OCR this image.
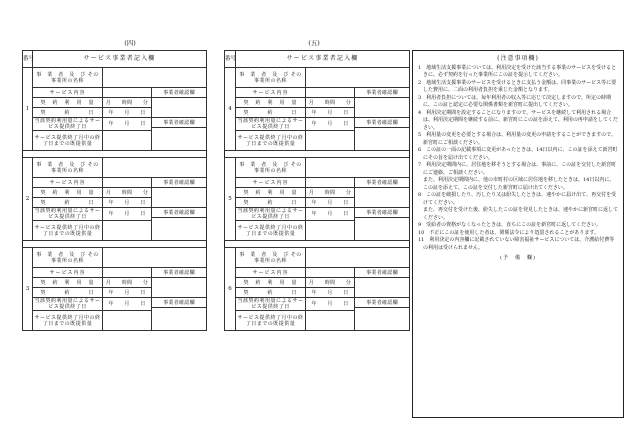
(四)	(五)
番号	サービス事業者記入欄		
1	事　業　者　及　び その事業所の名称		
	サービス内容		事業者確認欄
	契　約　利　用　量	月　　時間　　分	
	契　　　約　　　日	年　　月　　日	
	当該契約利用量によるサービス提供終了日	年　　月　　日	事業者確認欄

	サービス提供終了月中の終了日までの既提供量		

2	事　業　者　及　び その事業所の名称		
	サービス内容		事業者確認欄
	契　約　利　用　量	月　　時間　　分	
	契　　　約　　　日	年　　月　　日	
	当該契約利用量によるサービス提供終了日	年　　月　　日	事業者確認欄

	サービス提供終了月中の終了日までの既提供量		

3	事　業　者　及　び その事業所の名称		
	サービス内容		事業者確認欄
	契　約　利　用　量	月　　時間　　分	
	契　　　約　　　日	年　　月　　日	
	当該契約利用量によるサービス提供終了日	年　　月　　日	事業者確認欄

	サービス提供終了月中の終了日までの既提供量		
番号	サービス事業者記入欄		
4	事　業　者　及　び その事業所の名称		
	サービス内容		事業者確認欄
	契　約　利　用　量	月　　時間　　分	
	契　　　約　　　日	年　　月　　日	
	当該契約利用量によるサービス提供終了日	年　　月　　日	事業者確認欄

	サービス提供終了月中の終了日までの既提供量		

5	事　業　者　及　び その事業所の名称		
	サービス内容		事業者確認欄
	契　約　利　用　量	月　　時間　　分	
	契　　　約　　　日	年　　月　　日	
	当該契約利用量によるサービス提供終了日	年　　月　　日	事業者確認欄

	サービス提供終了月中の終了日までの既提供量		

6	事　業　者　及　び その事業所の名称		
	サービス内容		事業者確認欄
	契　約　利　用　量	月　　時間　　分	
	契　　　約　　　日	年　　月　　日	
	当該契約利用量によるサービス提供終了日	年　　月　　日	事業者確認欄

	サービス提供終了月中の終了日までの既提供量		
(注意事項欄)

1　地域生活支援事業については、利用決定を受けた該当する事業のサービスを受けるときに、必ず契約を行った事業所にこの証を提示してください。

2　地域生活支援事業のサービスを受けるときに支払う金額は、同事業のサービス等に要した費用に、二面の利用者負担を乗じた金額となります。

3　利用者負担については、毎年利用者の収入等に応じて決定しますので、所定の時期に、この証と認定に必要な関係書類を新宮町に提出してください。

4　利用決定期間を設定することになりますので、サービスを継続して利用される場合は、利用決定期間を継続する前に、新宮町にこの証を添えて、利用の再申請をしてください。

5　利用量の変更を必要とする場合は、利用量の変更の申請をすることができますので、新宮町にご相談ください。

6　この証の一面の記載事項に変更があったときは、14日以内に、この証を添えて新宮町にその旨を届け出てください。

7　利用決定期間内に、居住地を移そうとする場合は、事前に、この証を交付した新宮町にご連絡、ご相談ください。

　また、利用決定期間内に、他の市町村の区域に居住地を移したときは、14日以内に、この証を添えて、この証を交付した新宮町に届け出てください。

8　この証を破損したり、汚したり又は紛失したときは、速やかに届け出て、再交付を受けてください。

　また、再交付を受けた後、紛失したこの証を発見したときは、速やかに新宮町に返してください。

9　受給者の資格がなくなったときは、直ちにこの証を新宮町に返してください。

10　不正にこの証を使用した者は、関係法令により処罰されることがあります。

11　利用決定の内容欄に記載されていない障害福祉サービスについては、介護給付費等の利用は受けられません。

(予　備　欄)
